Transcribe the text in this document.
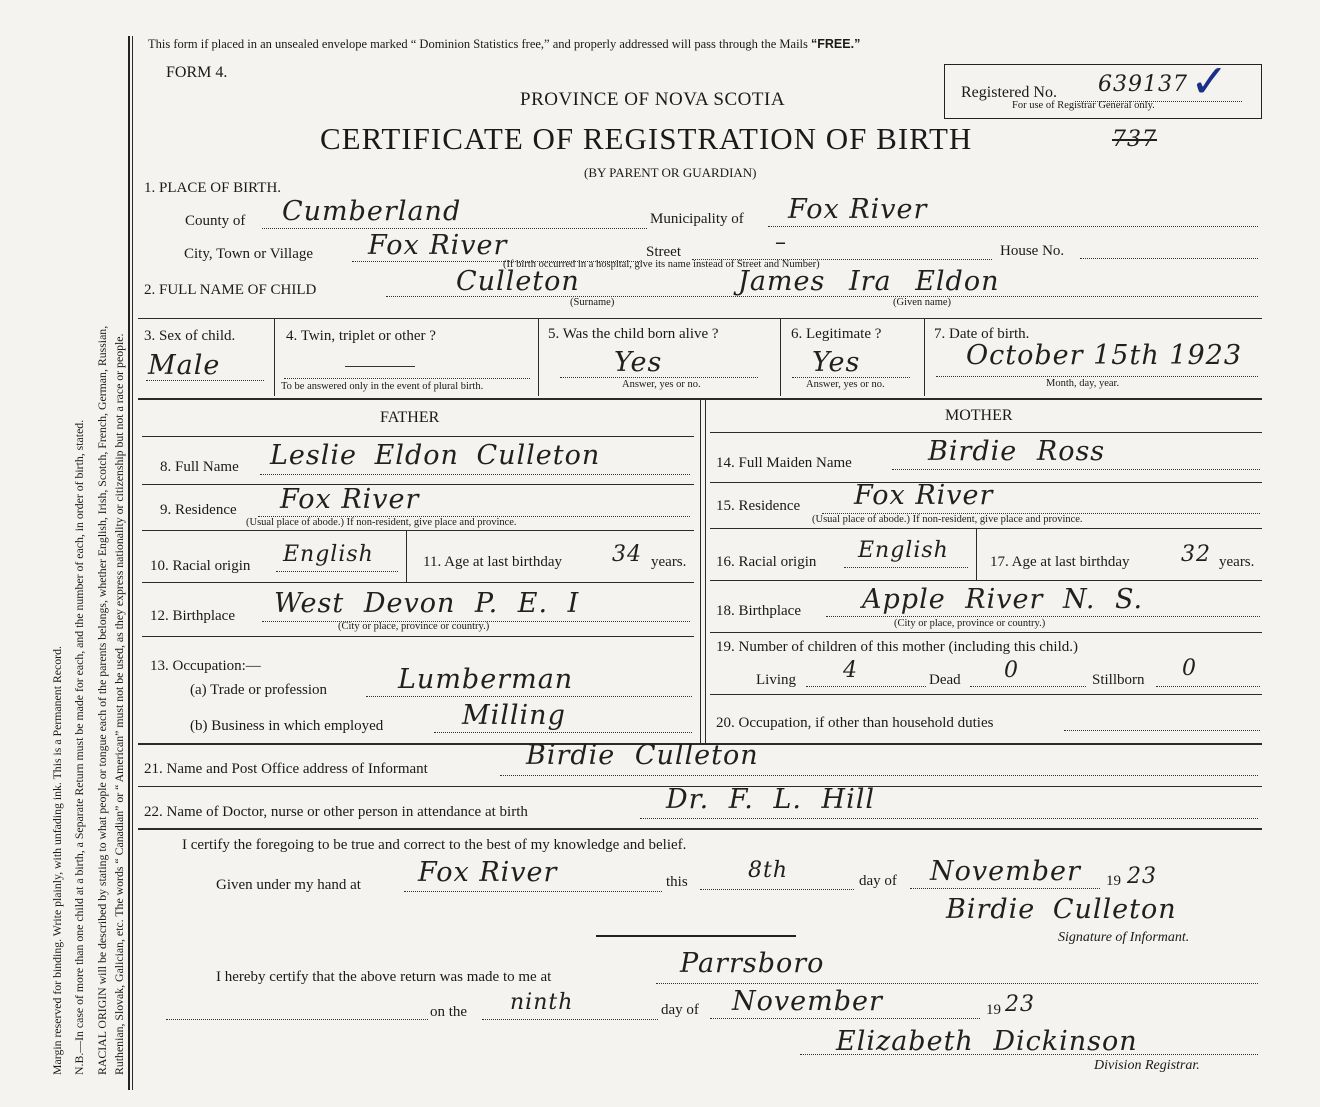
Margin reserved for binding. Write plainly, with unfading ink. This is a Permanent Record. N.B.—In case of more than one child at a birth, a Separate Return must be made for each, and the number of each, in order of birth, stated. RACIAL ORIGIN will be described by stating to what people or tongue each of the parents belongs, whether English, Irish, Scotch, French, German, Russian, Ruthenian, Slovak, Galician, etc. The words “ Canadian” or “ American” must not be used, as they express nationality or citizenship but not a race or people.
This form if placed in an unsealed envelope marked “ Dominion Statistics free,” and properly addressed will pass through the Mails “FREE.”
FORM 4.
PROVINCE OF NOVA SCOTIA
CERTIFICATE OF REGISTRATION OF BIRTH
(BY PARENT OR GUARDIAN)
737
Registered No. 639137 ✓
For use of Registrar General only.
1. PLACE OF BIRTH.
County of Cumberland	Municipality of Fox River
City, Town or Village Fox River	Street	–	House No.
(If birth occurred in a hospital, give its name instead of Street and Number)
2. FULL NAME OF CHILD	Culleton
(Surname)
James Ira Eldon
(Given name)
3. Sex of child.
Male
4. Twin, triplet or other ?
To be answered only in the event of plural birth.
5. Was the child born alive ?
Yes
Answer, yes or no.
6. Legitimate ?
Yes
Answer, yes or no.
7. Date of birth.
October 15th 1923
Month, day, year.
FATHER
8. Full Name Leslie Eldon Culleton
9. Residence Fox River
(Usual place of abode.) If non-resident, give place and province.
10. Racial origin English	11. Age at last birthday 34 years.
12. Birthplace West Devon P. E. I
(City or place, province or country.)
13. Occupation:—
(a) Trade or profession	Lumberman
(b) Business in which employed	Milling
MOTHER
14. Full Maiden Name	Birdie Ross
15. Residence Fox River
(Usual place of abode.) If non-resident, give place and province.
16. Racial origin English	17. Age at last birthday 32 years.
18. Birthplace Apple River N. S.
(City or place, province or country.)
19. Number of children of this mother (including this child.)
Living 4	Dead 0	Stillborn 0
20. Occupation, if other than household duties
21. Name and Post Office address of Informant	Birdie Culleton
22. Name of Doctor, nurse or other person in attendance at birth	Dr. F. L. Hill
I certify the foregoing to be true and correct to the best of my knowledge and belief.
Given under my hand at Fox River	this	8th	day of November 19 23
Birdie Culleton
Signature of Informant.
I hereby certify that the above return was made to me at	Parrsboro
on the ninth	day of November	19 23
Elizabeth Dickinson
Division Registrar.
